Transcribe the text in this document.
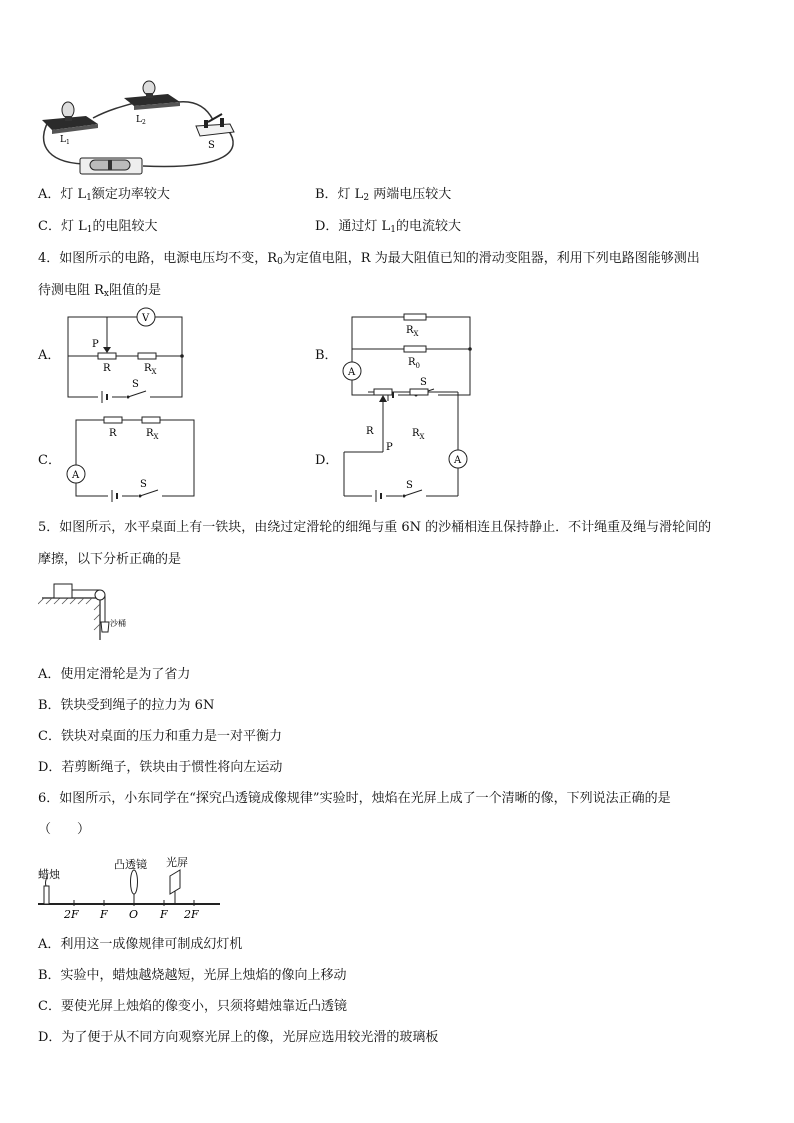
$L_1$
$L_2$
S
A．灯 $L_1$额定功率较大	B．灯 $L_2$ 两端电压较大
C．灯 $L_1$的电阻较大	D．通过灯 $L_1$的电流较大
4．如图所示的电路，电源电压均不变，$R_0$为定值电阻，R 为最大阻值已知的滑动变阻器，利用下列电路图能够测出
待测电阻 $R_x$阻值的是
A．
V
P
R	$R_X$
S
B．
$R_X$
$R_0$
A
S
C．
R	$R_X$
A
S
D．
R
P
$R_X$
A
S
5．如图所示，水平桌面上有一铁块，由绕过定滑轮的细绳与重 6N 的沙桶相连且保持静止．不计绳重及绳与滑轮间的
摩擦，以下分析正确的是
沙桶
A．使用定滑轮是为了省力
B．铁块受到绳子的拉力为 6N
C．铁块对桌面的压力和重力是一对平衡力
D．若剪断绳子，铁块由于惯性将向左运动
6．如图所示，小东同学在“探究凸透镜成像规律”实验时，烛焰在光屏上成了一个清晰的像，下列说法正确的是
（　　）
蜡烛
凸透镜 光屏
2F F O F 2F
A．利用这一成像规律可制成幻灯机
B．实验中，蜡烛越烧越短，光屏上烛焰的像向上移动
C．要使光屏上烛焰的像变小，只须将蜡烛靠近凸透镜
D．为了便于从不同方向观察光屏上的像，光屏应选用较光滑的玻璃板
